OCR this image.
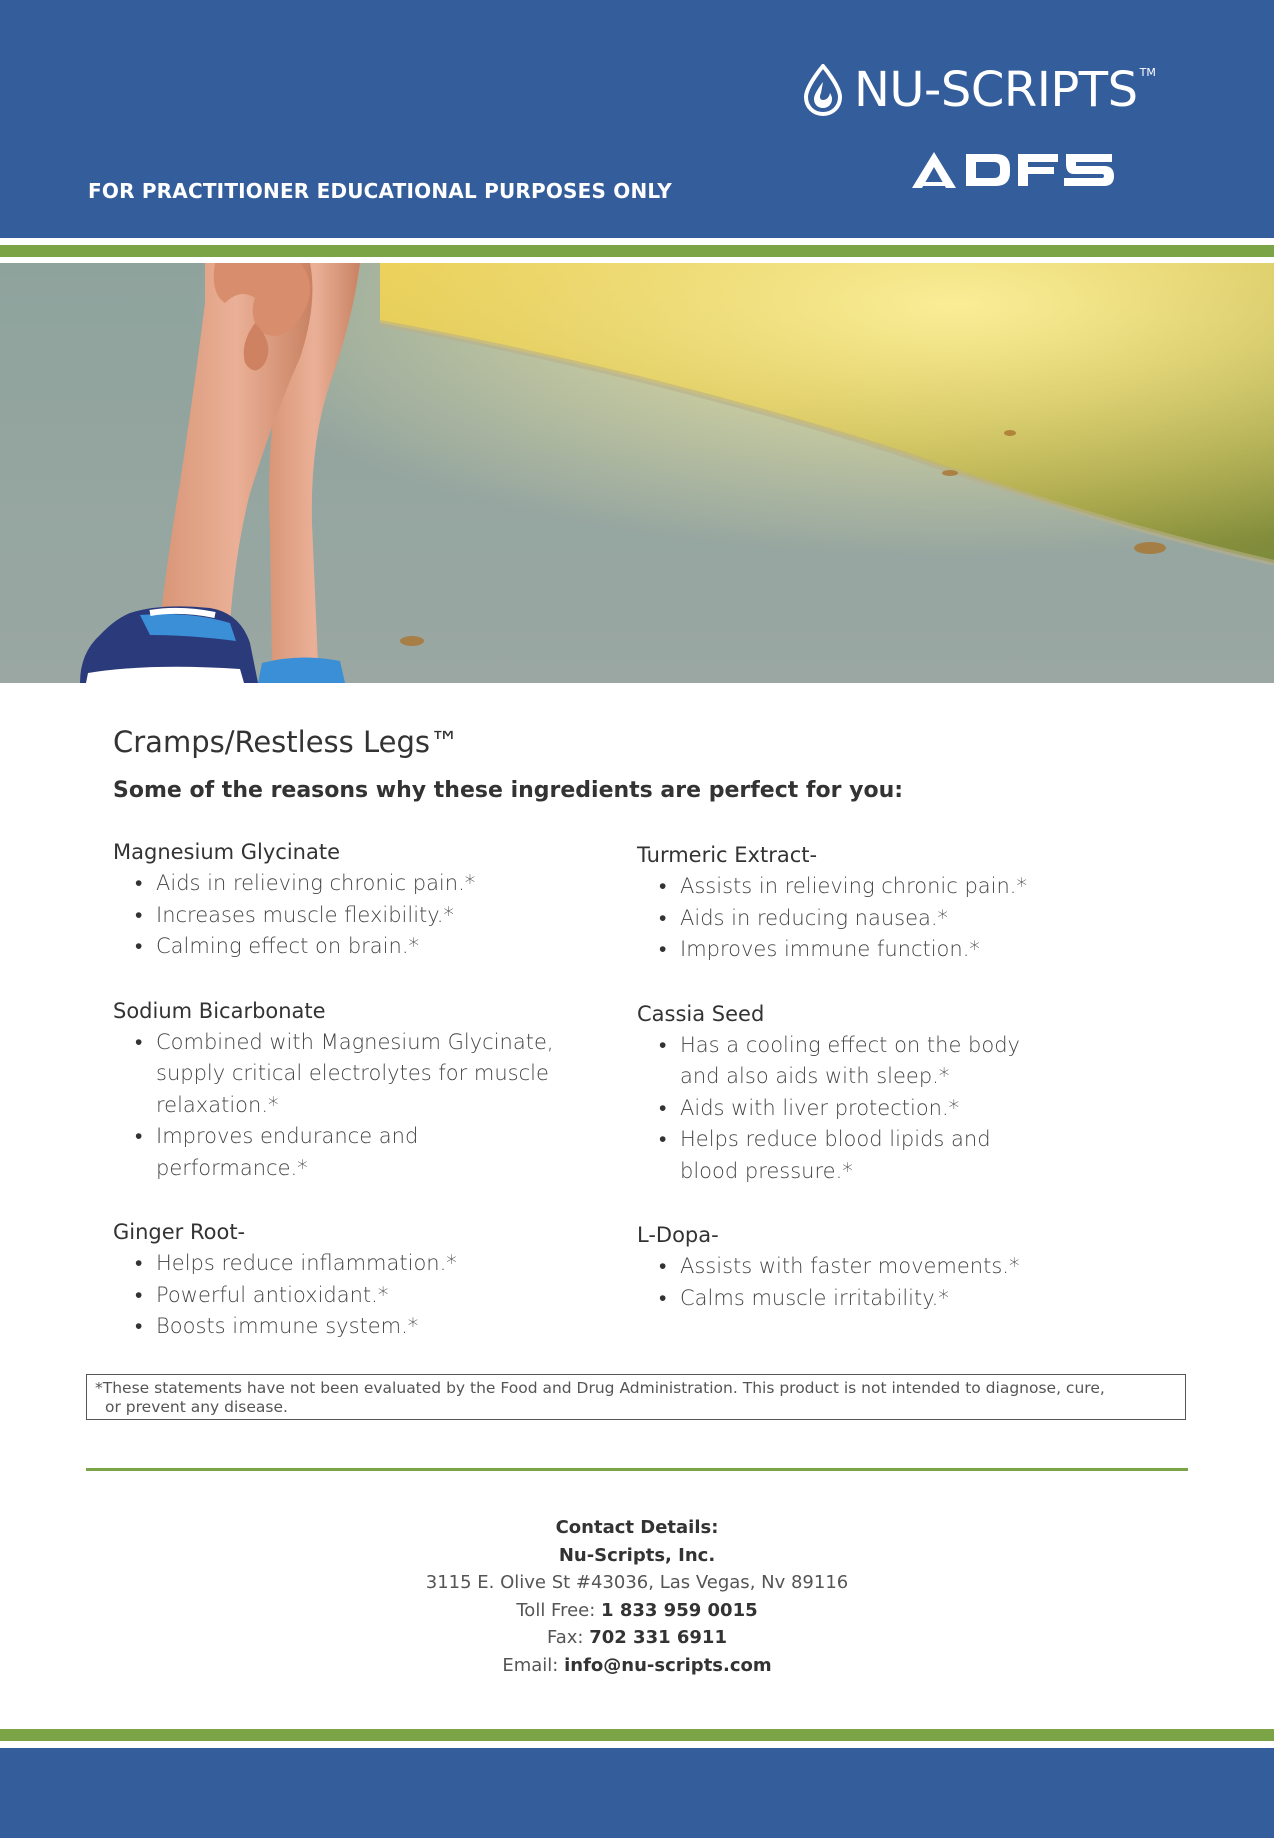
NU-SCRIPTS TM
FOR PRACTITIONER EDUCATIONAL PURPOSES ONLY
Cramps/Restless Legs™

Some of the reasons why these ingredients are perfect for you:

Magnesium Glycinate
• Aids in relieving chronic pain.*
• Increases muscle flexibility.*
• Calming effect on brain.*
Sodium Bicarbonate
• Combined with Magnesium Glycinate, supply critical electrolytes for muscle relaxation.*
• Improves endurance and performance.*
Ginger Root-
• Helps reduce inflammation.*
• Powerful antioxidant.*
• Boosts immune system.*
Turmeric Extract-
• Assists in relieving chronic pain.*
• Aids in reducing nausea.*
• Improves immune function.*
Cassia Seed
• Has a cooling effect on the body and also aids with sleep.*
• Aids with liver protection.*
• Helps reduce blood lipids and blood pressure.*
L-Dopa-
• Assists with faster movements.*
• Calms muscle irritability.*
*These statements have not been evaluated by the Food and Drug Administration. This product is not intended to diagnose, cure,
or prevent any disease.
Contact Details:
Nu-Scripts, Inc.
3115 E. Olive St #43036, Las Vegas, Nv 89116
Toll Free: 1 833 959 0015
Fax: 702 331 6911
Email: info@nu-scripts.com
